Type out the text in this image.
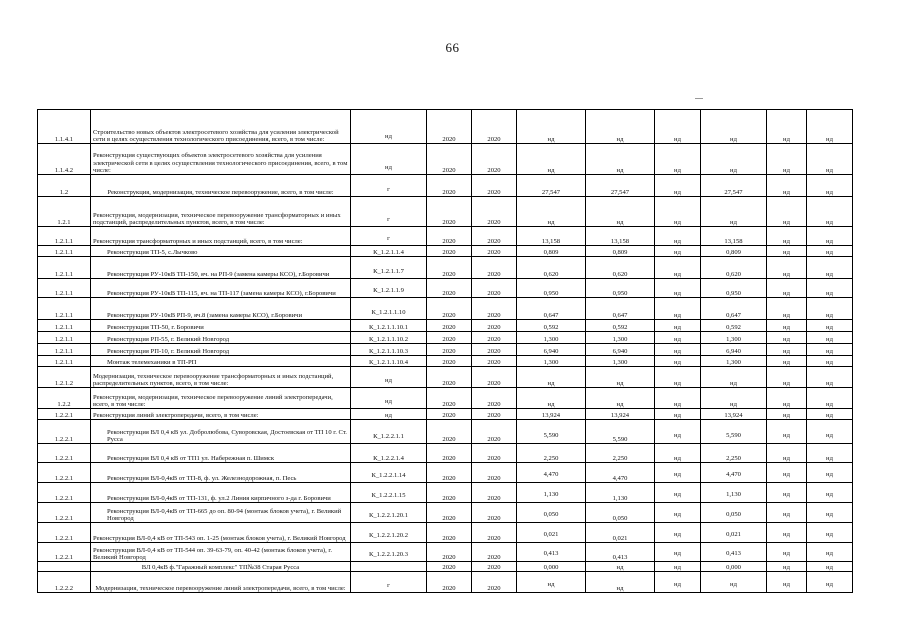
66
1.1.4.1	Строительство новых объектов электросетевого хозяйства для усиления электрической сети в целях осуществления технологического присоединения, всего, в том числе:	нд	2020	2020	нд	нд	нд	нд	нд	нд
1.1.4.2	Реконструкция существующих объектов электросетевого хозяйства для усиления электрической сети в целях осуществления технологического присоединения, всего, в том числе:	нд	2020	2020	нд	нд	нд	нд	нд	нд
1.2	Реконструкция, модернизация, техническое перевооружение, всего, в том числе:	г	2020	2020	27,547	27,547	нд	27,547	нд	нд
1.2.1	Реконструкция, модернизация, техническое перевооружение трансформаторных и иных подстанций, распределительных пунктов, всего, в том числе:	г	2020	2020	нд	нд	нд	нд	нд	нд
1.2.1.1	Реконструкция трансформаторных и иных подстанций, всего, в том числе:	г	2020	2020	13,158	13,158	нд	13,158	нд	нд
1.2.1.1	Реконструкция ТП-5, с.Лычково	К_1.2.1.1.4	2020	2020	0,809	0,809	нд	0,809	нд	нд
1.2.1.1	Реконструкция РУ-10кВ ТП-150, яч. на РП-9 (замена камеры КСО), г.Боровичи	К_1.2.1.1.7	2020	2020	0,620	0,620	нд	0,620	нд	нд
1.2.1.1	Реконструкция РУ-10кВ ТП-115, яч. на ТП-117 (замена камеры КСО), г.Боровичи	К_1.2.1.1.9	2020	2020	0,950	0,950	нд	0,950	нд	нд
1.2.1.1	Реконструкция РУ-10кВ РП-9, яч.8 (замена камеры КСО), г.Боровичи	К_1.2.1.1.10	2020	2020	0,647	0,647	нд	0,647	нд	нд
1.2.1.1	Реконструкция ТП-50, г. Боровичи	К_1.2.1.1.10.1	2020	2020	0,592	0,592	нд	0,592	нд	нд
1.2.1.1	Реконструкция РП-55, г. Великий Новгород	К_1.2.1.1.10.2	2020	2020	1,300	1,300	нд	1,300	нд	нд
1.2.1.1	Реконструкция РП-10, г. Великий Новгород	К_1.2.1.1.10.3	2020	2020	6,940	6,940	нд	6,940	нд	нд
1.2.1.1	Монтаж телемеханики в ТП-РП	К_1.2.1.1.10.4	2020	2020	1,300	1,300	нд	1,300	нд	нд
1.2.1.2	Модернизация, техническое перевооружение трансформаторных и иных подстанций, распределительных пунктов, всего, в том числе:	нд	2020	2020	нд	нд	нд	нд	нд	нд
1.2.2	Реконструкция, модернизация, техническое перевооружение линий электропередачи, всего, в том числе:	нд	2020	2020	нд	нд	нд	нд	нд	нд
1.2.2.1	Реконструкция линий электропередачи, всего, в том числе:	нд	2020	2020	13,924	13,924	нд	13,924	нд	нд
1.2.2.1	Реконструкция ВЛ 0,4 кВ ул. Добролюбова, Суворовская, Достоевская от ТП 10 г. Ст. Русса	К_1.2.2.1.1	2020	2020	5,590	5,590	нд	5,590	нд	нд
1.2.2.1	Реконструкция ВЛ 0,4 кВ от ТП1 ул. Набережная п. Шимск	К_1.2.2.1.4	2020	2020	2,250	2,250	нд	2,250	нд	нд
1.2.2.1	Реконструкция ВЛ-0,4кВ от ТП-8, ф. ул. Железнодорожная, п. Песь	К_1.2.2.1.14	2020	2020	4,470	4,470	нд	4,470	нд	нд
1.2.2.1	Реконструкция ВЛ-0,4кВ от ТП-131, ф. ул.2 Линия кирпичного з-да г. Боровичи	К_1.2.2.1.15	2020	2020	1,130	1,130	нд	1,130	нд	нд
1.2.2.1	Реконструкция ВЛ-0,4кВ от ТП-665 до оп. 80-94 (монтаж блоков учета), г. Великий Новгород	К_1.2.2.1.20.1	2020	2020	0,050	0,050	нд	0,050	нд	нд
1.2.2.1	Реконструкция ВЛ-0,4 кВ от ТП-543 оп. 1-25 (монтаж блоков учета), г. Великий Новгород	К_1.2.2.1.20.2	2020	2020	0,021	0,021	нд	0,021	нд	нд
1.2.2.1	Реконструкция ВЛ-0,4 кВ от ТП-544 оп. 39-63-79, оп. 40-42 (монтаж блоков учета), г. Великий Новгород	К_1.2.2.1.20.3	2020	2020	0,413	0,413	нд	0,413	нд	нд
	ВЛ 0,4кВ ф."Гаражный комплекс" ТП№38 Старая Русса		2020	2020	0,000	нд	нд	0,000	нд	нд
1.2.2.2	Модернизация, техническое перевооружение линий электропередачи, всего, в том числе:	г	2020	2020	нд	нд	нд	нд	нд	нд
